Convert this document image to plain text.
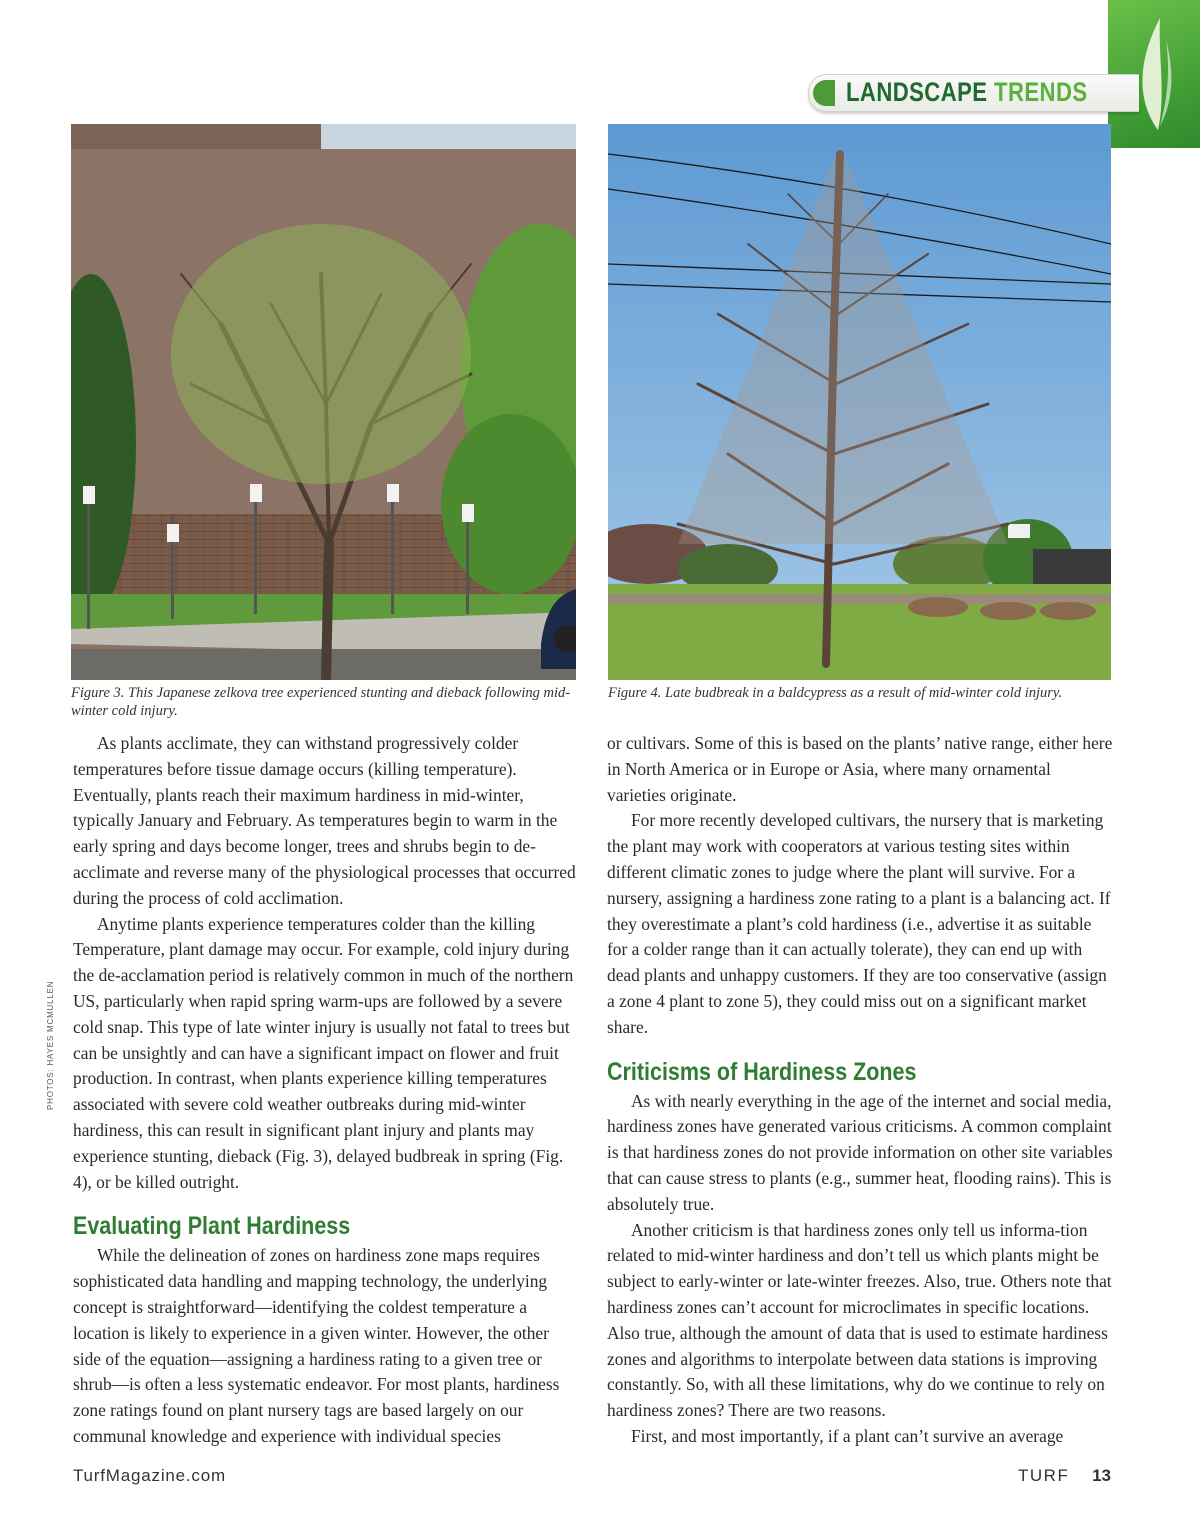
LANDSCAPE TRENDS
Figure 3. This Japanese zelkova tree experienced stunting and dieback following mid-winter cold injury.
Figure 4. Late budbreak in a baldcypress as a result of mid-winter cold injury.
PHOTOS: HAYES MCMULLEN

As plants acclimate, they can withstand progressively colder temperatures before tissue damage occurs (killing temperature). Eventually, plants reach their maximum hardiness in mid-winter, typically January and February. As temperatures begin to warm in the early spring and days become longer, trees and shrubs begin to de-acclimate and reverse many of the physiological processes that occurred during the process of cold acclimation.

Anytime plants experience temperatures colder than the killing Temperature, plant damage may occur. For example, cold injury during the de-acclamation period is relatively common in much of the northern US, particularly when rapid spring warm-ups are followed by a severe cold snap. This type of late winter injury is usually not fatal to trees but can be unsightly and can have a significant impact on flower and fruit production. In contrast, when plants experience killing temperatures associated with severe cold weather outbreaks during mid-winter hardiness, this can result in significant plant injury and plants may experience stunting, dieback (Fig. 3), delayed budbreak in spring (Fig. 4), or be killed outright.

Evaluating Plant Hardiness

While the delineation of zones on hardiness zone maps requires sophisticated data handling and mapping technology, the underlying concept is straightforward—identifying the coldest temperature a location is likely to experience in a given winter. However, the other side of the equation—assigning a hardiness rating to a given tree or shrub—is often a less systematic endeavor. For most plants, hardiness zone ratings found on plant nursery tags are based largely on our communal knowledge and experience with individual species

or cultivars. Some of this is based on the plants’ native range, either here in North America or in Europe or Asia, where many ornamental varieties originate.

For more recently developed cultivars, the nursery that is marketing the plant may work with cooperators at various testing sites within different climatic zones to judge where the plant will survive. For a nursery, assigning a hardiness zone rating to a plant is a balancing act. If they overestimate a plant’s cold hardiness (i.e., advertise it as suitable for a colder range than it can actually tolerate), they can end up with dead plants and unhappy customers. If they are too conservative (assign a zone 4 plant to zone 5), they could miss out on a significant market share.

Criticisms of Hardiness Zones

As with nearly everything in the age of the internet and social media, hardiness zones have generated various criticisms. A common complaint is that hardiness zones do not provide information on other site variables that can cause stress to plants (e.g., summer heat, flooding rains). This is absolutely true.

Another criticism is that hardiness zones only tell us informa-tion related to mid-winter hardiness and don’t tell us which plants might be subject to early-winter or late-winter freezes. Also, true. Others note that hardiness zones can’t account for microclimates in specific locations. Also true, although the amount of data that is used to estimate hardiness zones and algorithms to interpolate between data stations is improving constantly. So, with all these limitations, why do we continue to rely on hardiness zones? There are two reasons.

First, and most importantly, if a plant can’t survive an average

TurfMagazine.com	TURF 13
